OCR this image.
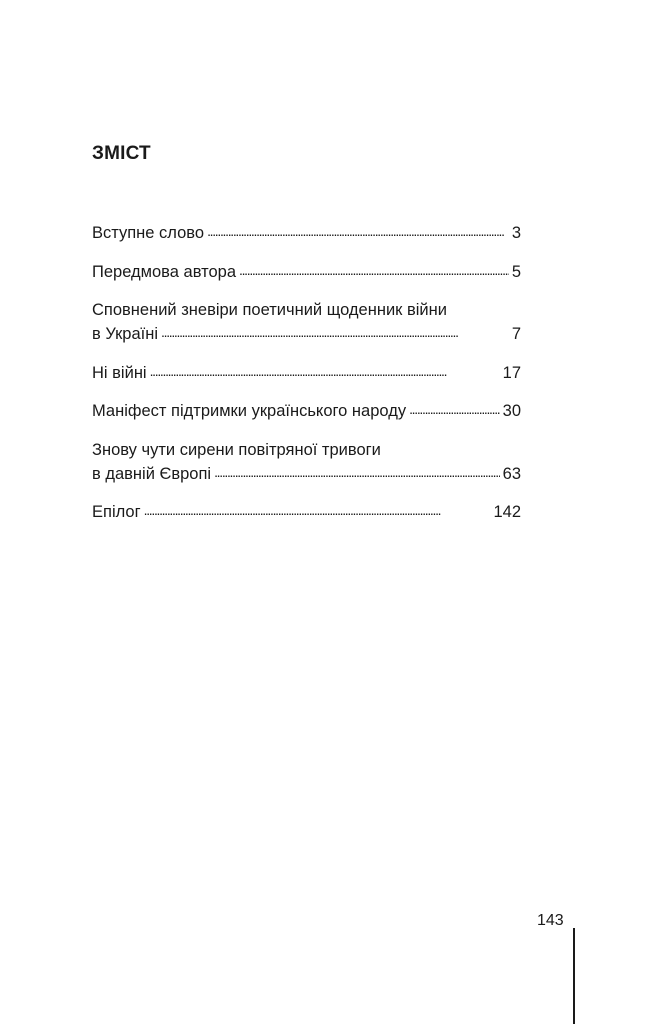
ЗМІСТ
Вступне слово . . .	3
Передмова автора . . .	5
Сповнений зневіри поетичний щоденник війни
в Україні . . .	7
Ні війні . . .	17
Маніфест підтримки українського народу . . .	30
Знову чути сирени повітряної тривоги
в давній Європі . . .	63
Епілог . . .	142
143
